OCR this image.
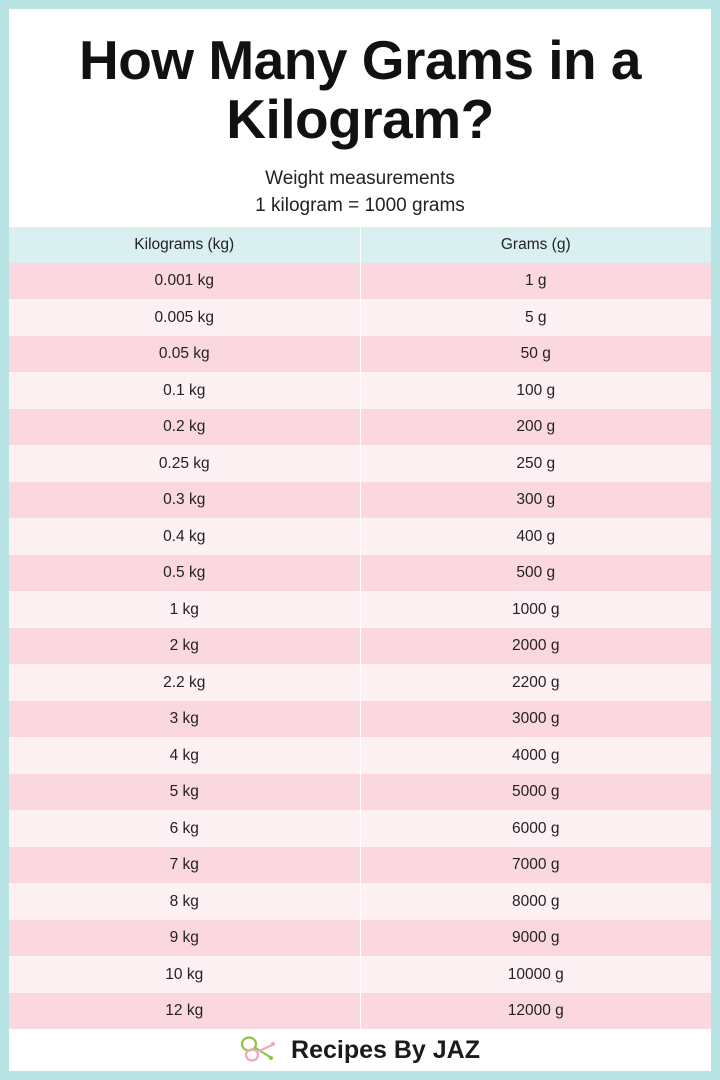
How Many Grams in a Kilogram?
Weight measurements
1 kilogram = 1000 grams
Kilograms (kg)	Grams (g)
0.001 kg	1 g
0.005 kg	5 g
0.05 kg	50 g
0.1 kg	100 g
0.2 kg	200 g
0.25 kg	250 g
0.3 kg	300 g
0.4 kg	400 g
0.5 kg	500 g
1 kg	1000 g
2 kg	2000 g
2.2 kg	2200 g
3 kg	3000 g
4 kg	4000 g
5 kg	5000 g
6 kg	6000 g
7 kg	7000 g
8 kg	8000 g
9 kg	9000 g
10 kg	10000 g
12 kg	12000 g
Recipes By JAZ
